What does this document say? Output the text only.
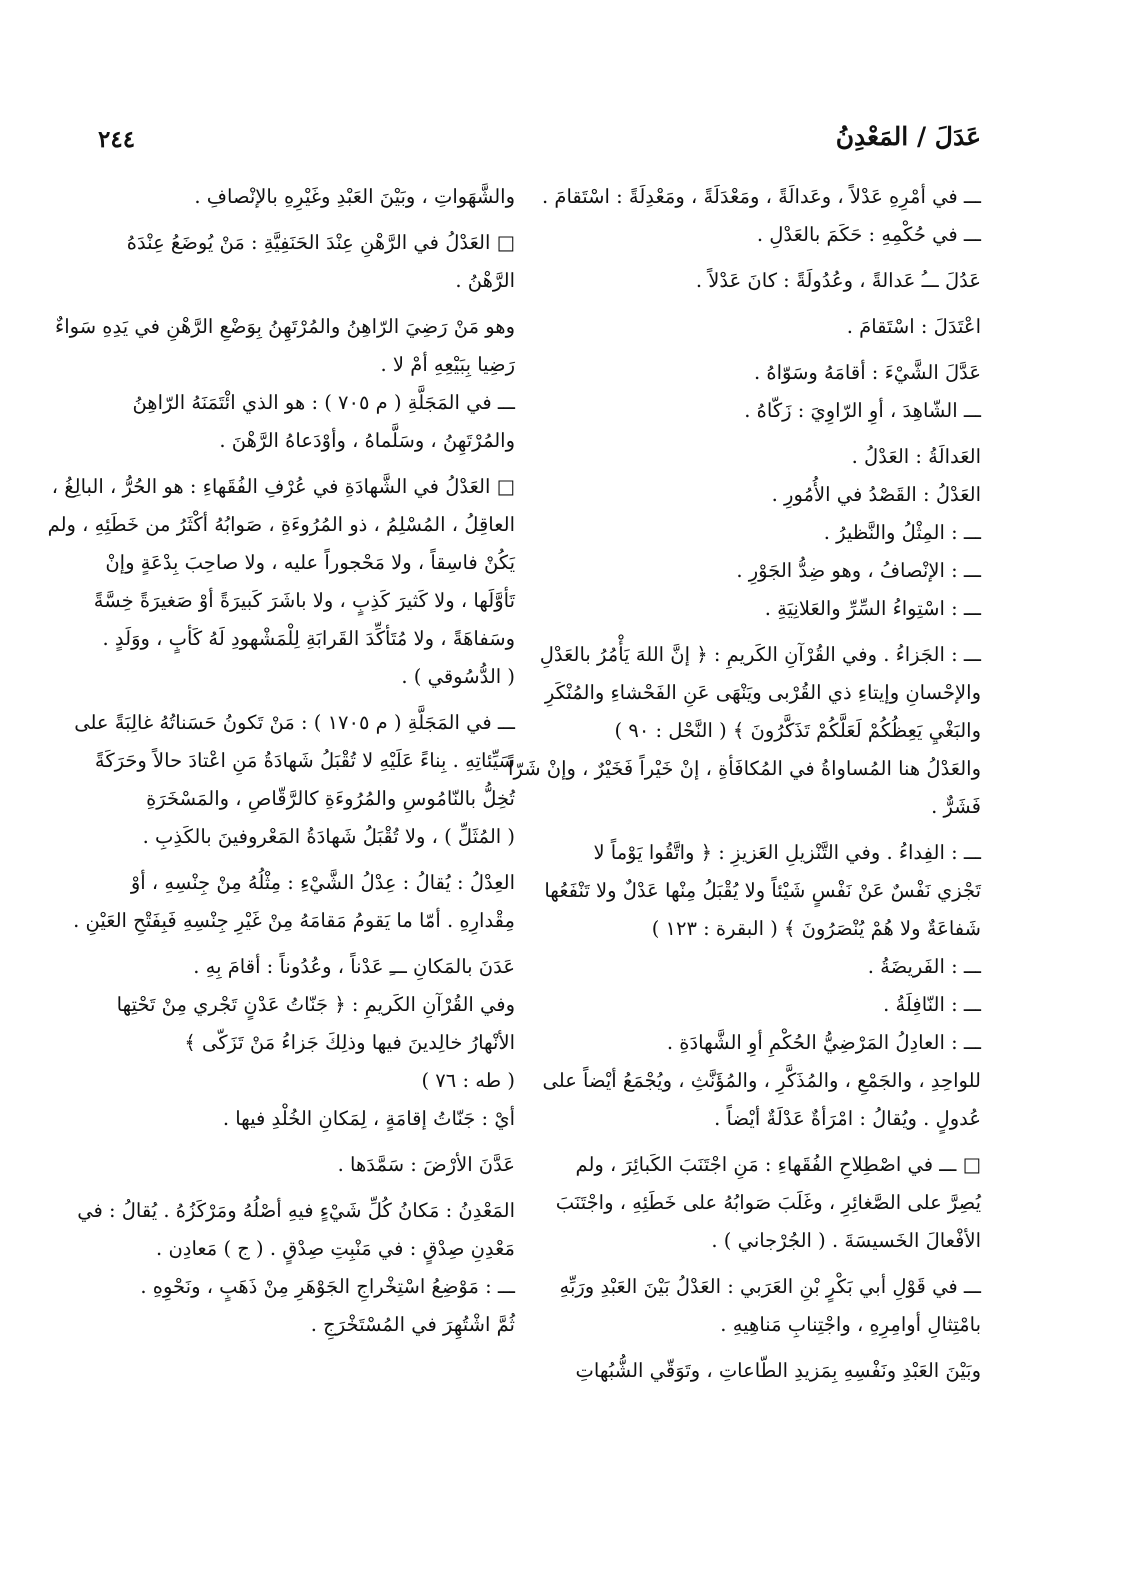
عَدَلَ / المَعْدِنُ
٢٤٤
ـــ في أمْرِهِ عَدْلاً ، وعَدالَةً ، ومَعْدَلَةً ، ومَعْدِلَةً : اسْتَقامَ .
ـــ في حُكْمِهِ : حَكَمَ بالعَدْلِ .
عَدُلَ ـــُ عَدالةً ، وعُدُولَةً : كانَ عَدْلاً .
اعْتَدَلَ : اسْتَقامَ .
عَدَّلَ الشَّيْءَ : أقامَهُ وسَوّاهُ .
ـــ الشّاهِدَ ، أوِ الرّاوِيَ : زَكّاهُ .
العَدالَةُ : العَدْلُ .
العَدْلُ : القَصْدُ في الأُمُورِ .
ـــ : المِثْلُ والنَّظيرُ .
ـــ : الإنْصافُ ، وهو ضِدُّ الجَوْرِ .
ـــ : اسْتِواءُ السِّرِّ والعَلانِيَةِ .
ـــ : الجَزاءُ . وفي القُرْآنِ الكَريمِ : ﴿ إنَّ اللهَ يَأْمُرُ بالعَدْلِ
والإحْسانِ وإيتاءِ ذي القُرْبى ويَنْهَى عَنِ الفَحْشاءِ والمُنْكَرِ
والبَغْيِ يَعِظُكُمْ لَعَلَّكُمْ تَذَكَّرُونَ ﴾ ( النَّحْل : ٩٠ )
والعَدْلُ هنا المُساواةُ في المُكافَأةِ ، إنْ خَيْراً فَخَيْرٌ ، وإنْ شَرّاً
فَشَرٌّ .
ـــ : الفِداءُ . وفي التَّنْزيلِ العَزيزِ : ﴿ واتَّقُوا يَوْماً لا
تَجْزي نَفْسٌ عَنْ نَفْسٍ شَيْئاً ولا يُقْبَلُ مِنْها عَدْلٌ ولا تَنْفَعُها
شَفاعَةٌ ولا هُمْ يُنْصَرُونَ ﴾ ( البقرة : ١٢٣ )
ـــ : الفَريضَةُ .
ـــ : النّافِلَةُ .
ـــ : العادِلُ المَرْضِيُّ الحُكْمِ أوِ الشَّهادَةِ .
للواحِدِ ، والجَمْعِ ، والمُذَكَّرِ ، والمُؤَنَّثِ ، ويُجْمَعُ أيْضاً على
عُدولٍ . ويُقالُ : امْرَأةٌ عَدْلَةٌ أيْضاً .
□ ـــ في اصْطِلاحِ الفُقَهاءِ : مَنِ اجْتَنَبَ الكَبائِرَ ، ولم
يُصِرَّ على الصَّغائِرِ ، وغَلَبَ صَوابُهُ على خَطَئِهِ ، واجْتَنَبَ
الأفْعالَ الخَسيسَةَ . ( الجُرْجاني ) .
ـــ في قَوْلِ أبي بَكْرٍ بْنِ العَرَبي : العَدْلُ بَيْنَ العَبْدِ ورَبِّهِ
بامْتِثالِ أوامِرِهِ ، واجْتِنابِ مَناهِيهِ .
وبَيْنَ العَبْدِ ونَفْسِهِ بِمَزيدِ الطّاعاتِ ، وتَوَقّي الشُّبُهاتِ
والشَّهَواتِ ، وبَيْنَ العَبْدِ وغَيْرِهِ بالإنْصافِ .
□ العَدْلُ في الرَّهْنِ عِنْدَ الحَنَفِيَّةِ : مَنْ يُوضَعُ عِنْدَهُ
الرَّهْنُ .
وهو مَنْ رَضِيَ الرّاهِنُ والمُرْتَهِنُ بِوَضْعِ الرَّهْنِ في يَدِهِ سَواءٌ
رَضِيا بِبَيْعِهِ أمْ لا .
ـــ في المَجَلَّةِ ( م ٧٠٥ ) : هو الذي ائْتَمَنَهُ الرّاهِنُ
والمُرْتَهِنُ ، وسَلَّماهُ ، وأوْدَعاهُ الرَّهْنَ .
□ العَدْلُ في الشَّهادَةِ في عُرْفِ الفُقَهاءِ : هو الحُرُّ ، البالِغُ ،
العاقِلُ ، المُسْلِمُ ، ذو المُرُوءَةِ ، صَوابُهُ أكْثَرُ من خَطَئِهِ ، ولم
يَكُنْ فاسِقاً ، ولا مَحْجوراً عليه ، ولا صاحِبَ بِدْعَةٍ وإنْ
تَأوَّلَها ، ولا كَثيرَ كَذِبٍ ، ولا باشَرَ كَبيرَةً أوْ صَغيرَةً خِسَّةً
وسَفاهَةً ، ولا مُتَأكِّدَ القَرابَةِ لِلْمَشْهودِ لَهُ كَأبٍ ، ووَلَدٍ .
( الدُّسُوقي ) .
ـــ في المَجَلَّةِ ( م ١٧٠٥ ) : مَنْ تَكونُ حَسَناتُهُ غالِبَةً على
سَيِّئاتِهِ . بِناءً عَلَيْهِ لا تُقْبَلُ شَهادَةُ مَنِ اعْتادَ حالاً وحَرَكَةً
تُخِلُّ بالنّامُوسِ والمُرُوءَةِ كالرَّقّاصِ ، والمَسْخَرَةِ
( المُثَلِّ ) ، ولا تُقْبَلُ شَهادَةُ المَعْروفينَ بالكَذِبِ .
العِدْلُ : يُقالُ : عِدْلُ الشَّيْءِ : مِثْلُهُ مِنْ جِنْسِهِ ، أوْ
مِقْدارِهِ . أمّا ما يَقومُ مَقامَهُ مِنْ غَيْرِ جِنْسِهِ فَبِفَتْحِ العَيْنِ .
عَدَنَ بالمَكانِ ـــِ عَدْناً ، وعُدُوناً : أقامَ بِهِ .
وفي القُرْآنِ الكَريمِ : ﴿ جَنّاتُ عَدْنٍ تَجْري مِنْ تَحْتِها
الأنْهارُ خالِدينَ فيها وذلِكَ جَزاءُ مَنْ تَزَكّى ﴾
( طه : ٧٦ )
أيْ : جَنّاتُ إقامَةٍ ، لِمَكانِ الخُلْدِ فيها .
عَدَّنَ الأرْضَ : سَمَّدَها .
المَعْدِنُ : مَكانُ كُلِّ شَيْءٍ فيهِ أصْلُهُ ومَرْكَزُهُ . يُقالُ : في
مَعْدِنِ صِدْقٍ : في مَنْبِتِ صِدْقٍ . ( ج ) مَعادِن .
ـــ : مَوْضِعُ اسْتِخْراجِ الجَوْهَرِ مِنْ ذَهَبٍ ، ونَحْوِهِ .
ثُمَّ اشْتُهِرَ في المُسْتَخْرَجِ .
